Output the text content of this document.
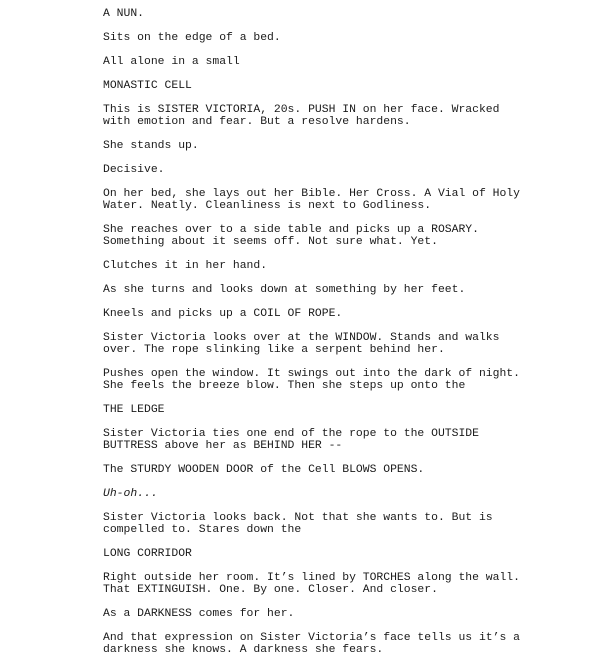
A NUN.

Sits on the edge of a bed.

All alone in a small

MONASTIC CELL

This is SISTER VICTORIA, 20s. PUSH IN on her face. Wracked
with emotion and fear. But a resolve hardens.

She stands up.

Decisive.

On her bed, she lays out her Bible. Her Cross. A Vial of Holy
Water. Neatly. Cleanliness is next to Godliness.

She reaches over to a side table and picks up a ROSARY.
Something about it seems off. Not sure what. Yet.

Clutches it in her hand.

As she turns and looks down at something by her feet.

Kneels and picks up a COIL OF ROPE.

Sister Victoria looks over at the WINDOW. Stands and walks
over. The rope slinking like a serpent behind her.

Pushes open the window. It swings out into the dark of night.
She feels the breeze blow. Then she steps up onto the

THE LEDGE

Sister Victoria ties one end of the rope to the OUTSIDE
BUTTRESS above her as BEHIND HER --

The STURDY WOODEN DOOR of the Cell BLOWS OPENS.

Uh-oh...

Sister Victoria looks back. Not that she wants to. But is
compelled to. Stares down the

LONG CORRIDOR

Right outside her room. It’s lined by TORCHES along the wall.
That EXTINGUISH. One. By one. Closer. And closer.

As a DARKNESS comes for her.

And that expression on Sister Victoria’s face tells us it’s a
darkness she knows. A darkness she fears.
